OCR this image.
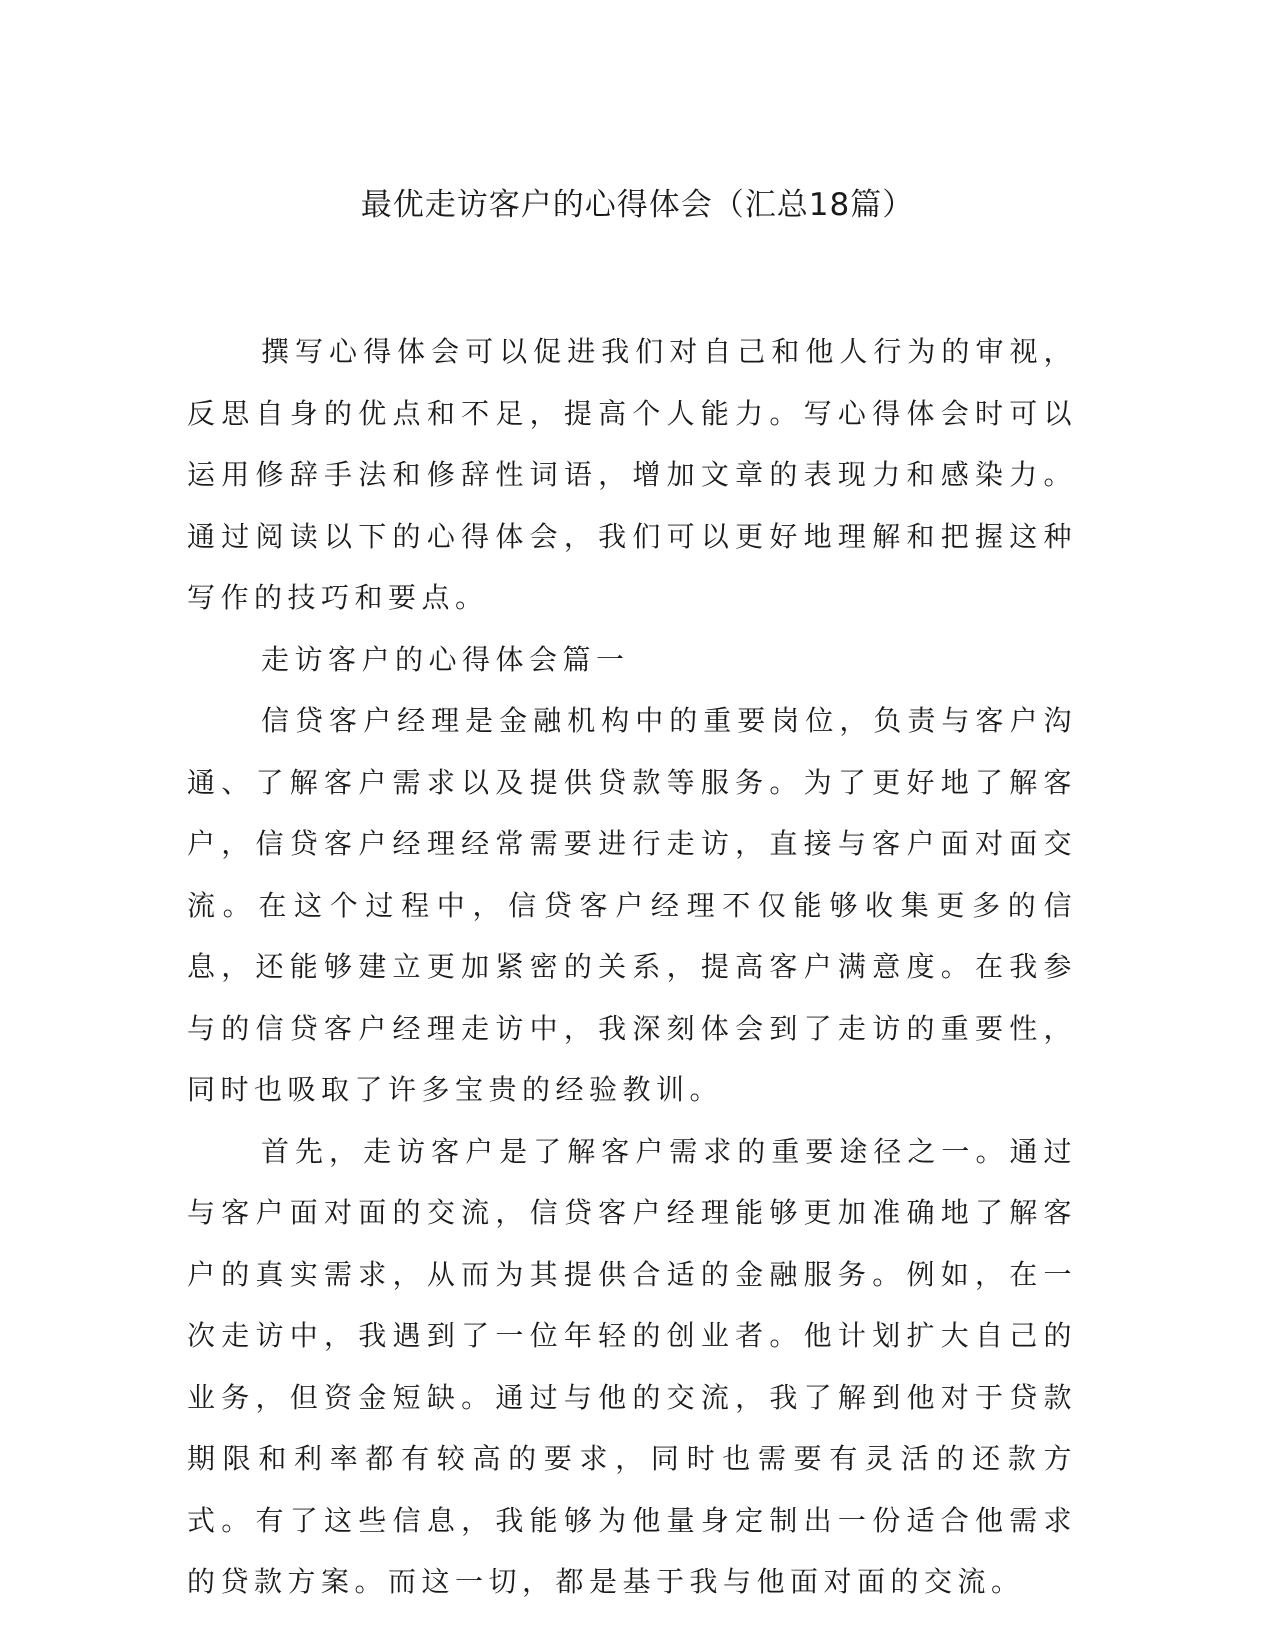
最优走访客户的心得体会（汇总18篇）

撰写心得体会可以促进我们对自己和他人行为的审视，反思自身的优点和不足，提高个人能力。写心得体会时可以运用修辞手法和修辞性词语，增加文章的表现力和感染力。通过阅读以下的心得体会，我们可以更好地理解和把握这种写作的技巧和要点。

走访客户的心得体会篇一

信贷客户经理是金融机构中的重要岗位，负责与客户沟通、了解客户需求以及提供贷款等服务。为了更好地了解客户，信贷客户经理经常需要进行走访，直接与客户面对面交流。在这个过程中，信贷客户经理不仅能够收集更多的信息，还能够建立更加紧密的关系，提高客户满意度。在我参与的信贷客户经理走访中，我深刻体会到了走访的重要性，同时也吸取了许多宝贵的经验教训。

首先，走访客户是了解客户需求的重要途径之一。通过与客户面对面的交流，信贷客户经理能够更加准确地了解客户的真实需求，从而为其提供合适的金融服务。例如，在一次走访中，我遇到了一位年轻的创业者。他计划扩大自己的业务，但资金短缺。通过与他的交流，我了解到他对于贷款期限和利率都有较高的要求，同时也需要有灵活的还款方式。有了这些信息，我能够为他量身定制出一份适合他需求的贷款方案。而这一切，都是基于我与他面对面的交流。
